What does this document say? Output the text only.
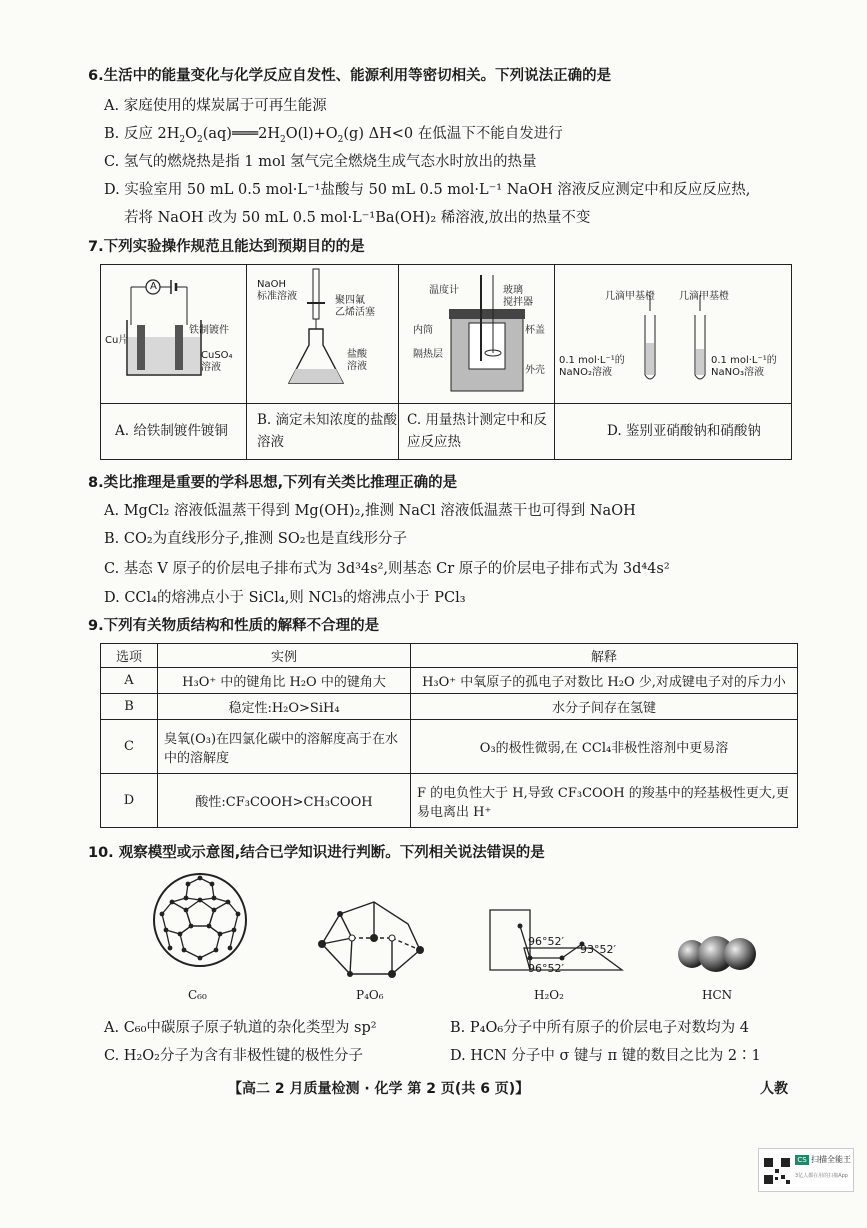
6.生活中的能量变化与化学反应自发性、能源利用等密切相关。下列说法正确的是
A. 家庭使用的煤炭属于可再生能源
B. 反应 $2H_2O_2(aq)═══2H_2O(l)+O_2(g)$ ΔH<0 在低温下不能自发进行
C. 氢气的燃烧热是指 1 mol 氢气完全燃烧生成气态水时放出的热量
D. 实验室用 50 mL 0.5 mol·L⁻¹盐酸与 50 mL 0.5 mol·L⁻¹ NaOH 溶液反应测定中和反应反应热,
若将 NaOH 改为 50 mL 0.5 mol·L⁻¹Ba(OH)₂ 稀溶液,放出的热量不变
7.下列实验操作规范且能达到预期目的的是
A
Cu片
铁制镀件
CuSO₄
溶液
A. 给铁制镀件镀铜
NaOH
标准溶液	聚四氟
乙烯活塞
盐酸
溶液
B. 滴定未知浓度的盐酸溶液
温度计	玻璃
搅拌器
内筒	杯盖
隔热层
外壳
C. 用量热计测定中和反应反应热
几滴甲基橙 几滴甲基橙
0.1 mol·L⁻¹的
NaNO₂溶液
0.1 mol·L⁻¹的
NaNO₃溶液
D. 鉴别亚硝酸钠和硝酸钠
8.类比推理是重要的学科思想,下列有关类比推理正确的是
A. MgCl₂ 溶液低温蒸干得到 Mg(OH)₂,推测 NaCl 溶液低温蒸干也可得到 NaOH
B. CO₂为直线形分子,推测 SO₂也是直线形分子
C. 基态 V 原子的价层电子排布式为 3d³4s²,则基态 Cr 原子的价层电子排布式为 3d⁴4s²
D. CCl₄的熔沸点小于 SiCl₄,则 NCl₃的熔沸点小于 PCl₃
9.下列有关物质结构和性质的解释不合理的是
选项	实例	解释
A	H₃O⁺ 中的键角比 H₂O 中的键角大	H₃O⁺ 中氧原子的孤电子对数比 H₂O 少,对成键电子对的斥力小
B	稳定性:H₂O>SiH₄	水分子间存在氢键
C	臭氧(O₃)在四氯化碳中的溶解度高于在水中的溶解度	O₃的极性微弱,在 CCl₄非极性溶剂中更易溶
D	酸性:CF₃COOH>CH₃COOH	F 的电负性大于 H,导致 CF₃COOH 的羧基中的羟基极性更大,更易电离出 H⁺
10. 观察模型或示意图,结合已学知识进行判断。下列相关说法错误的是
C₆₀	P₄O₆
96°52′
93°52′
96°52′
H₂O₂	HCN
A. C₆₀中碳原子原子轨道的杂化类型为 sp²	B. P₄O₆分子中所有原子的价层电子对数均为 4
C. H₂O₂分子为含有非极性键的极性分子	D. HCN 分子中 σ 键与 π 键的数目之比为 2∶1
【高二 2 月质量检测 · 化学 第 2 页(共 6 页)】	人教
CS 扫描全能王
3亿人都在用的扫描App
